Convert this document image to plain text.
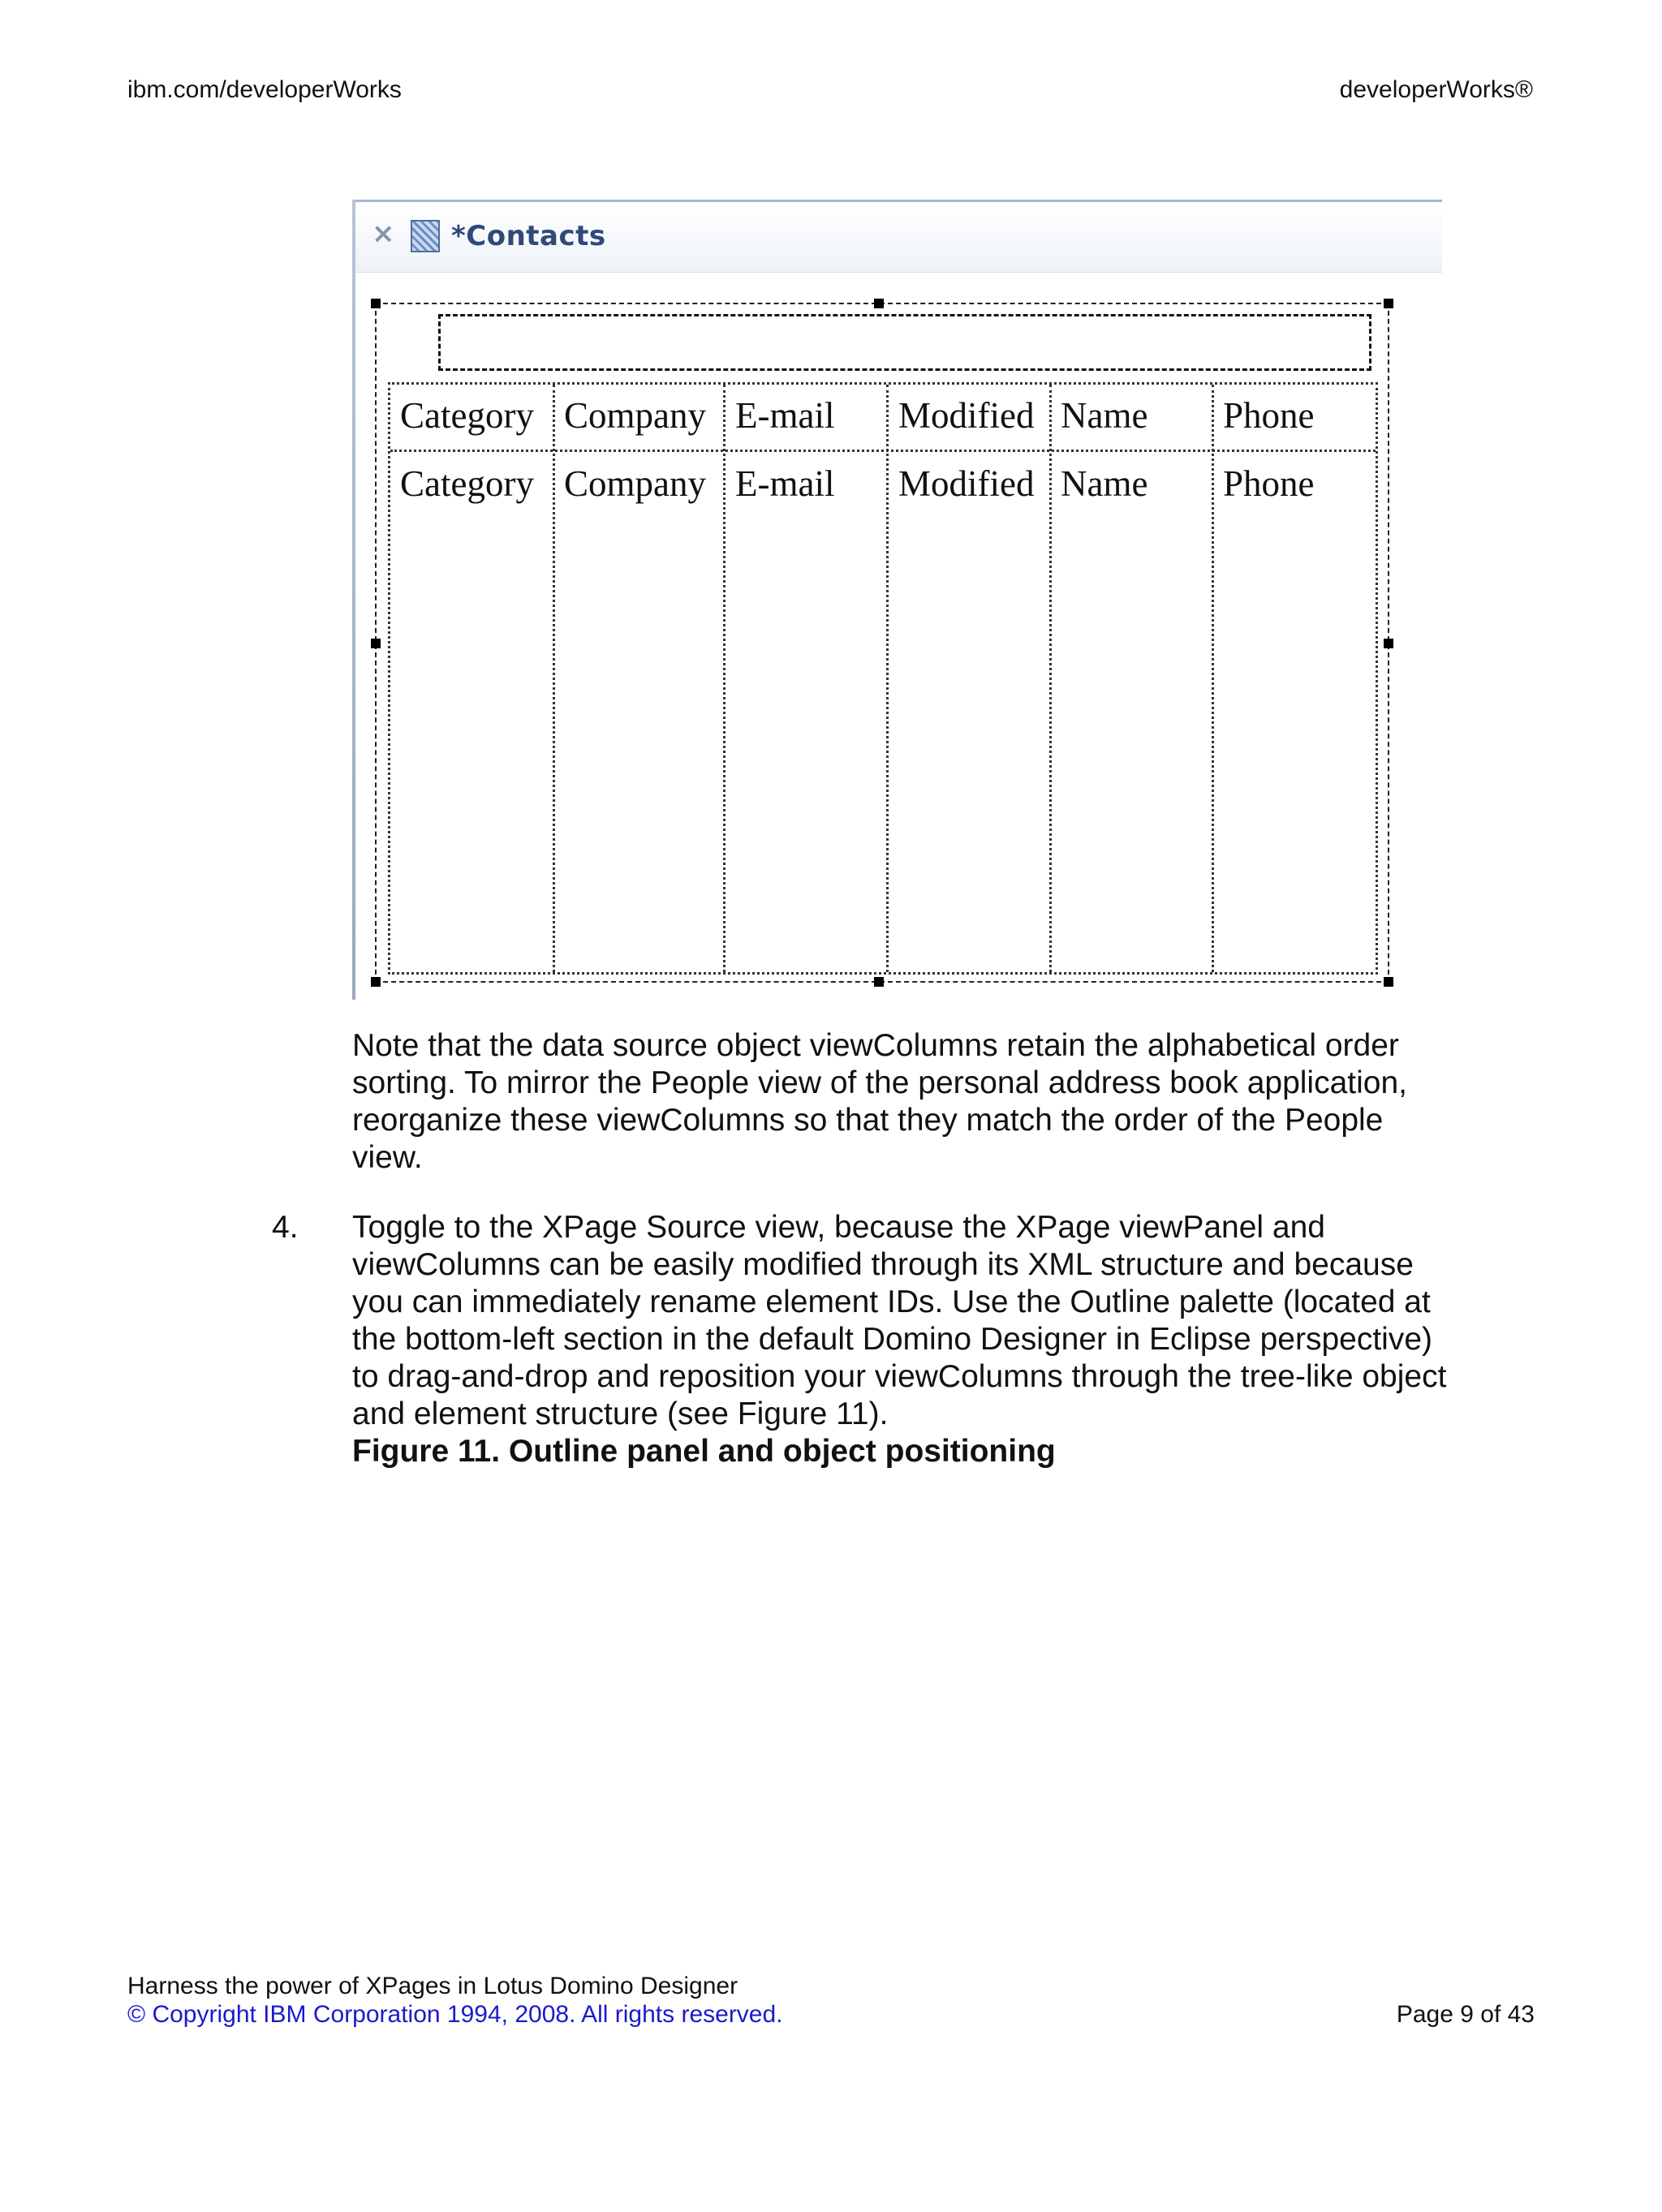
ibm.com/developerWorks	developerWorks®
× *Contacts
Category Company E-mail Modified Name Phone
Category Company E-mail Modified Name Phone
Note that the data source object viewColumns retain the alphabetical order sorting. To mirror the People view of the personal address book application, reorganize these viewColumns so that they match the order of the People view.
4. Toggle to the XPage Source view, because the XPage viewPanel and viewColumns can be easily modified through its XML structure and because you can immediately rename element IDs. Use the Outline palette (located at the bottom-left section in the default Domino Designer in Eclipse perspective) to drag-and-drop and reposition your viewColumns through the tree-like object and element structure (see Figure 11).
Figure 11. Outline panel and object positioning
Harness the power of XPages in Lotus Domino Designer
© Copyright IBM Corporation 1994, 2008. All rights reserved.	Page 9 of 43
